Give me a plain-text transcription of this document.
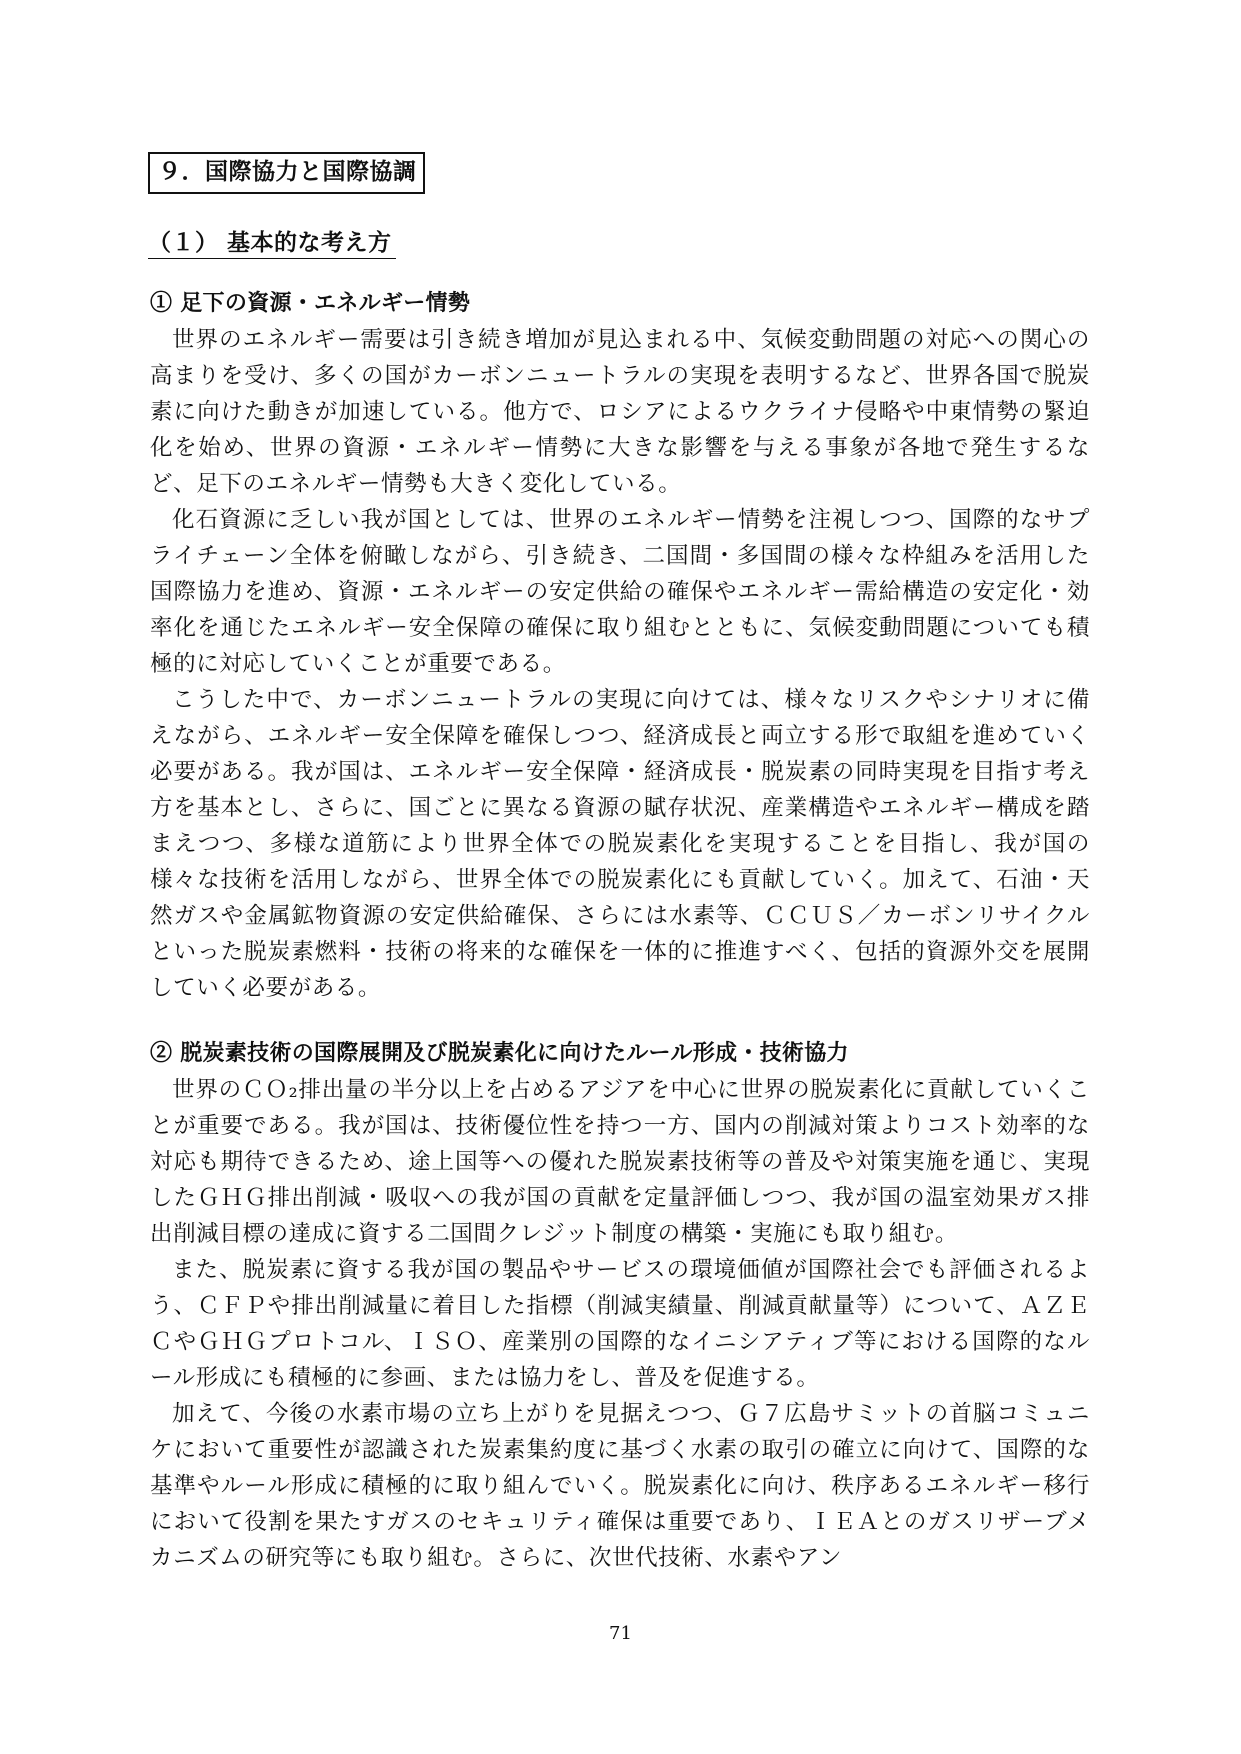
９．国際協力と国際協調
（１） 基本的な考え方
① 足下の資源・エネルギー情勢

世界のエネルギー需要は引き続き増加が見込まれる中、気候変動問題の対応への関心の高まりを受け、多くの国がカーボンニュートラルの実現を表明するなど、世界各国で脱炭素に向けた動きが加速している。他方で、ロシアによるウクライナ侵略や中東情勢の緊迫化を始め、世界の資源・エネルギー情勢に大きな影響を与える事象が各地で発生するなど、足下のエネルギー情勢も大きく変化している。

化石資源に乏しい我が国としては、世界のエネルギー情勢を注視しつつ、国際的なサプライチェーン全体を俯瞰しながら、引き続き、二国間・多国間の様々な枠組みを活用した国際協力を進め、資源・エネルギーの安定供給の確保やエネルギー需給構造の安定化・効率化を通じたエネルギー安全保障の確保に取り組むとともに、気候変動問題についても積極的に対応していくことが重要である。

こうした中で、カーボンニュートラルの実現に向けては、様々なリスクやシナリオに備えながら、エネルギー安全保障を確保しつつ、経済成長と両立する形で取組を進めていく必要がある。我が国は、エネルギー安全保障・経済成長・脱炭素の同時実現を目指す考え方を基本とし、さらに、国ごとに異なる資源の賦存状況、産業構造やエネルギー構成を踏まえつつ、多様な道筋により世界全体での脱炭素化を実現することを目指し、我が国の様々な技術を活用しながら、世界全体での脱炭素化にも貢献していく。加えて、石油・天然ガスや金属鉱物資源の安定供給確保、さらには水素等、ＣＣＵＳ／カーボンリサイクルといった脱炭素燃料・技術の将来的な確保を一体的に推進すべく、包括的資源外交を展開していく必要がある。

② 脱炭素技術の国際展開及び脱炭素化に向けたルール形成・技術協力

世界のＣＯ₂排出量の半分以上を占めるアジアを中心に世界の脱炭素化に貢献していくことが重要である。我が国は、技術優位性を持つ一方、国内の削減対策よりコスト効率的な対応も期待できるため、途上国等への優れた脱炭素技術等の普及や対策実施を通じ、実現したＧＨＧ排出削減・吸収への我が国の貢献を定量評価しつつ、我が国の温室効果ガス排出削減目標の達成に資する二国間クレジット制度の構築・実施にも取り組む。

また、脱炭素に資する我が国の製品やサービスの環境価値が国際社会でも評価されるよう、ＣＦＰや排出削減量に着目した指標（削減実績量、削減貢献量等）について、ＡＺＥＣやＧＨＧプロトコル、ＩＳＯ、産業別の国際的なイニシアティブ等における国際的なルール形成にも積極的に参画、または協力をし、普及を促進する。

加えて、今後の水素市場の立ち上がりを見据えつつ、Ｇ７広島サミットの首脳コミュニケにおいて重要性が認識された炭素集約度に基づく水素の取引の確立に向けて、国際的な基準やルール形成に積極的に取り組んでいく。脱炭素化に向け、秩序あるエネルギー移行において役割を果たすガスのセキュリティ確保は重要であり、ＩＥＡとのガスリザーブメカニズムの研究等にも取り組む。さらに、次世代技術、水素やアン

71
